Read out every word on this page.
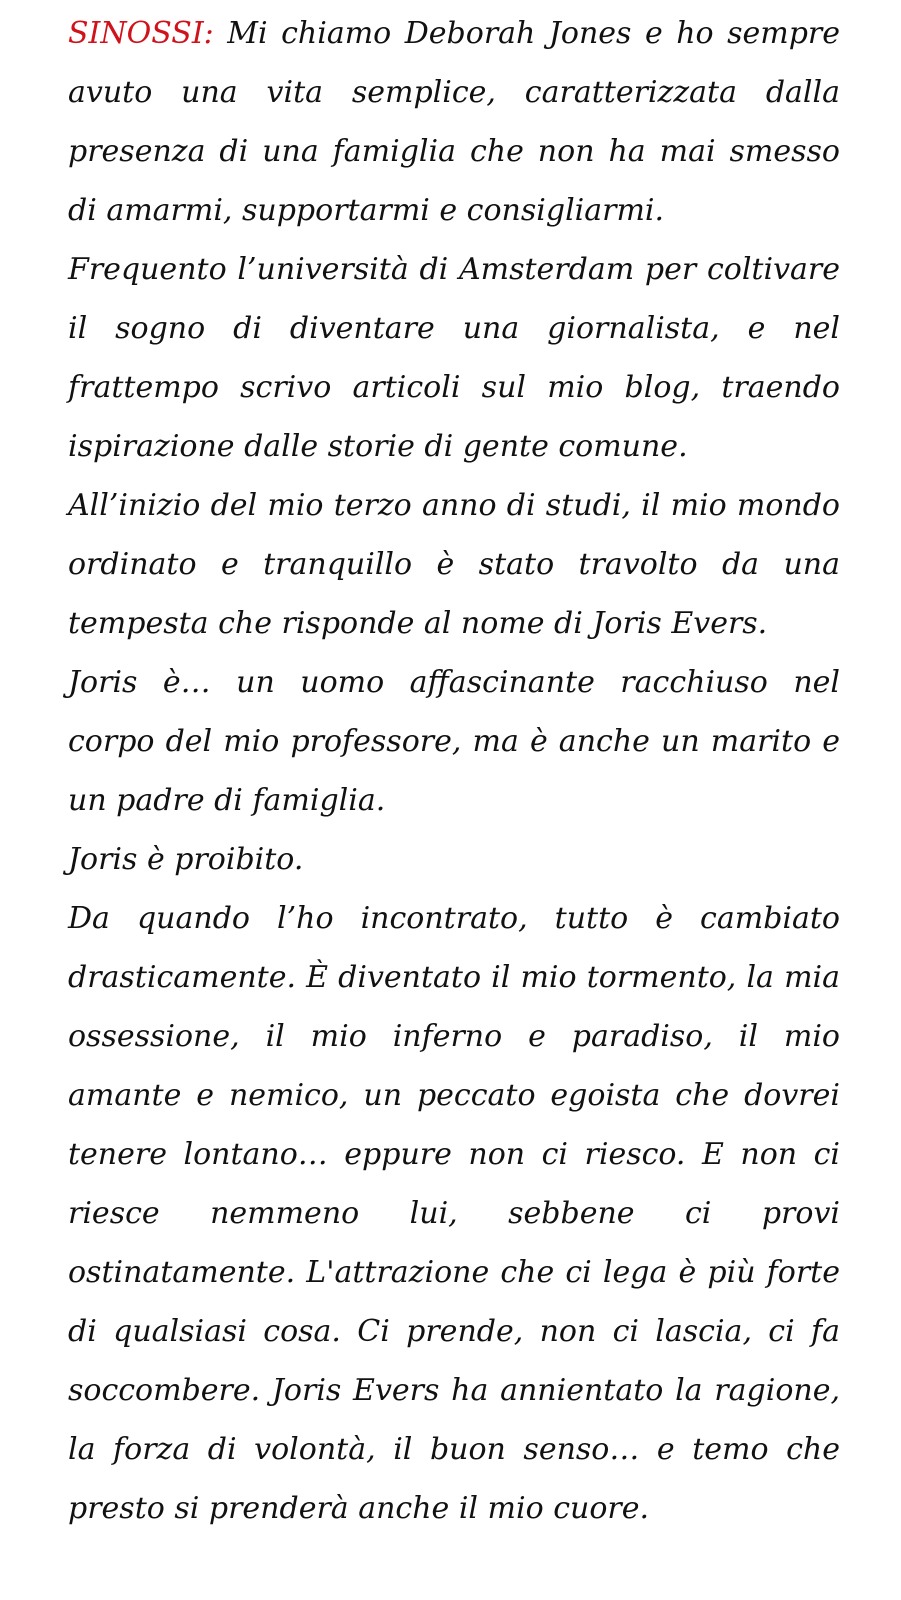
SINOSSI: Mi chiamo Deborah Jones e ho sempre avuto una vita semplice, caratterizzata dalla presenza di una famiglia che non ha mai smesso di amarmi, supportarmi e consigliarmi.

Frequento l’università di Amsterdam per coltivare il sogno di diventare una giornalista, e nel frattempo scrivo articoli sul mio blog, traendo ispirazione dalle storie di gente comune.

All’inizio del mio terzo anno di studi, il mio mondo ordinato e tranquillo è stato travolto da una tempesta che risponde al nome di Joris Evers.

Joris è… un uomo affascinante racchiuso nel corpo del mio professore, ma è anche un marito e un padre di famiglia.

Joris è proibito.

Da quando l’ho incontrato, tutto è cambiato drasticamente. È diventato il mio tormento, la mia ossessione, il mio inferno e paradiso, il mio amante e nemico, un peccato egoista che dovrei tenere lontano… eppure non ci riesco. E non ci riesce nemmeno lui, sebbene ci provi ostinatamente. L'attrazione che ci lega è più forte di qualsiasi cosa. Ci prende, non ci lascia, ci fa soccombere. Joris Evers ha annientato la ragione, la forza di volontà, il buon senso… e temo che presto si prenderà anche il mio cuore.
